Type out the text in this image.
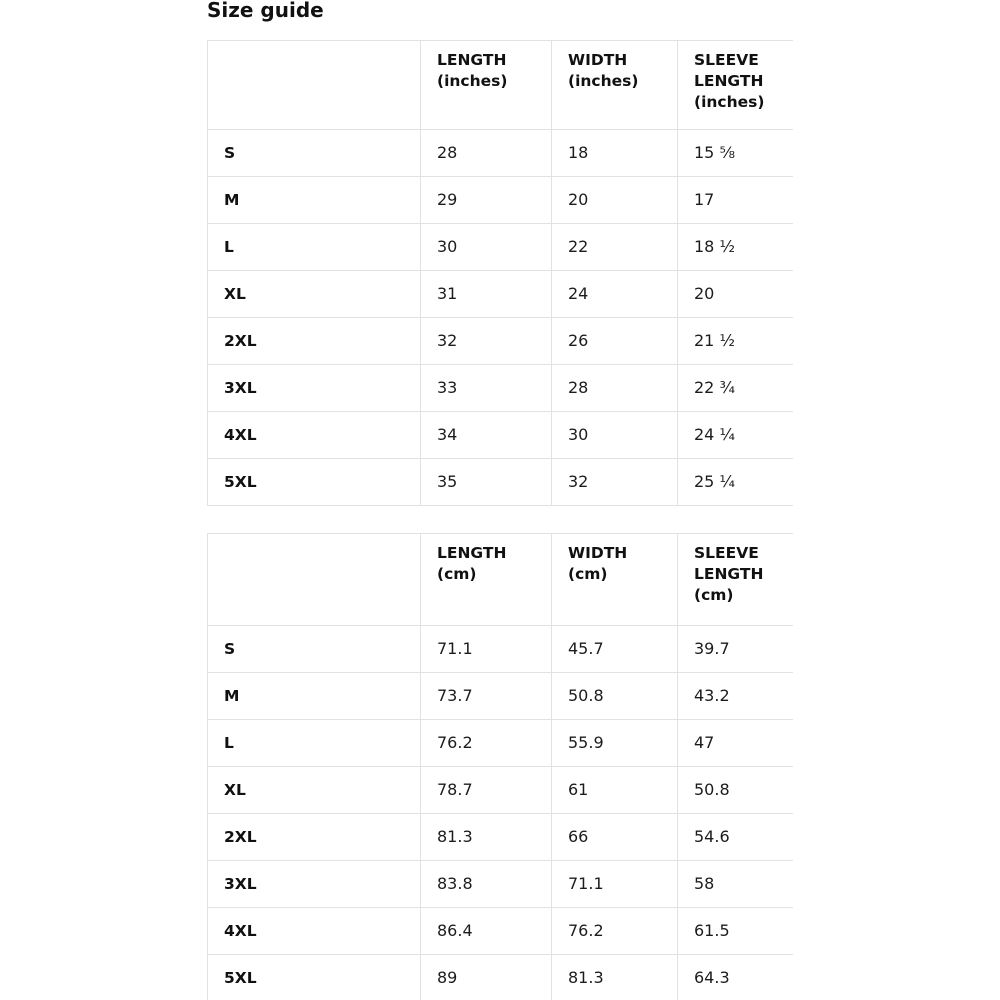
Size guide
	LENGTH (inches)	WIDTH (inches)	SLEEVE LENGTH (inches)
S	28	18	15 ⅝
M	29	20	17
L	30	22	18 ½
XL	31	24	20
2XL	32	26	21 ½
3XL	33	28	22 ¾
4XL	34	30	24 ¼
5XL	35	32	25 ¼
	LENGTH (cm)	WIDTH (cm)	SLEEVE LENGTH (cm)
S	71.1	45.7	39.7
M	73.7	50.8	43.2
L	76.2	55.9	47
XL	78.7	61	50.8
2XL	81.3	66	54.6
3XL	83.8	71.1	58
4XL	86.4	76.2	61.5
5XL	89	81.3	64.3
